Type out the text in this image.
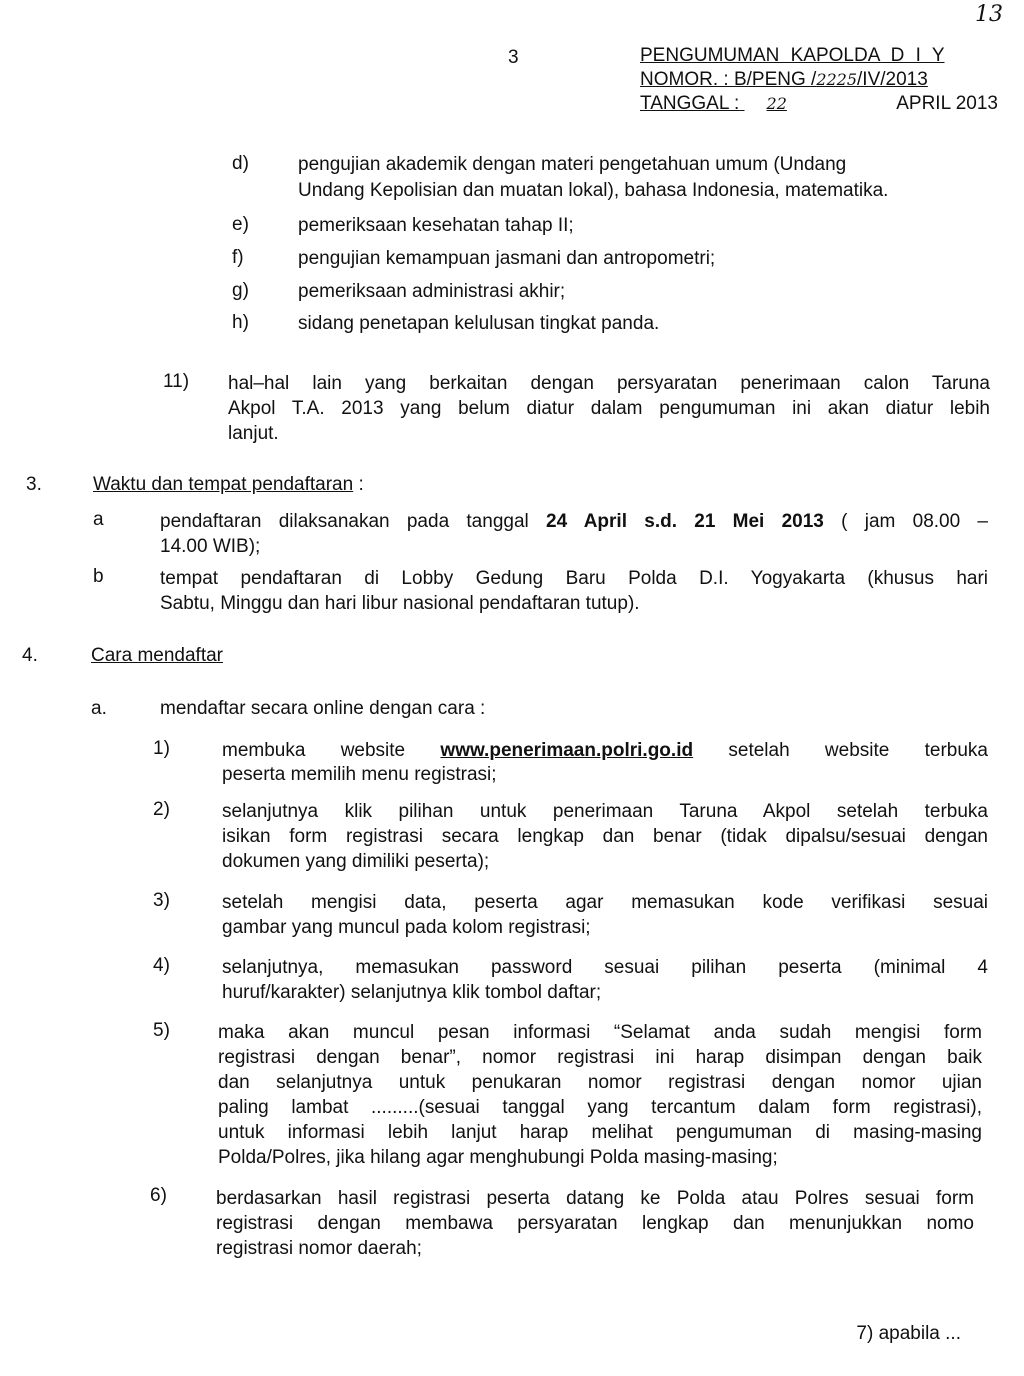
13
3	PENGUMUMAN KAPOLDA D I Y
NOMOR. : B/PENG /2225/IV/2013
TANGGAL : 22	APRIL 2013
d)	pengujian akademik dengan materi pengetahuan umum (Undang
Undang Kepolisian dan muatan lokal), bahasa Indonesia, matematika.
e)	pemeriksaan kesehatan tahap II;
f)	pengujian kemampuan jasmani dan antropometri;
g)	pemeriksaan administrasi akhir;
h)	sidang penetapan kelulusan tingkat panda.
11) hal–hal lain yang berkaitan dengan persyaratan penerimaan calon Taruna
Akpol T.A. 2013 yang belum diatur dalam pengumuman ini akan diatur lebih
lanjut.
3.	Waktu dan tempat pendaftaran :
a	pendaftaran dilaksanakan pada tanggal 24 April s.d. 21 Mei 2013 ( jam 08.00 –
14.00 WIB);
b	tempat pendaftaran di Lobby Gedung Baru Polda D.I. Yogyakarta (khusus hari
Sabtu, Minggu dan hari libur nasional pendaftaran tutup).
4.	Cara mendaftar
a.	mendaftar secara online dengan cara :
1)	membuka website www.penerimaan.polri.go.id setelah website terbuka
peserta memilih menu registrasi;
2)	selanjutnya klik pilihan untuk penerimaan Taruna Akpol setelah terbuka
isikan form registrasi secara lengkap dan benar (tidak dipalsu/sesuai dengan
dokumen yang dimiliki peserta);
3)	setelah mengisi data, peserta agar memasukan kode verifikasi sesuai
gambar yang muncul pada kolom registrasi;
4)	selanjutnya, memasukan password sesuai pilihan peserta (minimal 4
huruf/karakter) selanjutnya klik tombol daftar;
5)	maka akan muncul pesan informasi “Selamat anda sudah mengisi form
registrasi dengan benar”, nomor registrasi ini harap disimpan dengan baik
dan selanjutnya untuk penukaran nomor registrasi dengan nomor ujian
paling lambat .........(sesuai tanggal yang tercantum dalam form registrasi),
untuk informasi lebih lanjut harap melihat pengumuman di masing-masing
Polda/Polres, jika hilang agar menghubungi Polda masing-masing;
6)	berdasarkan hasil registrasi peserta datang ke Polda atau Polres sesuai form
registrasi dengan membawa persyaratan lengkap dan menunjukkan nomo
registrasi nomor daerah;
7) apabila ...
